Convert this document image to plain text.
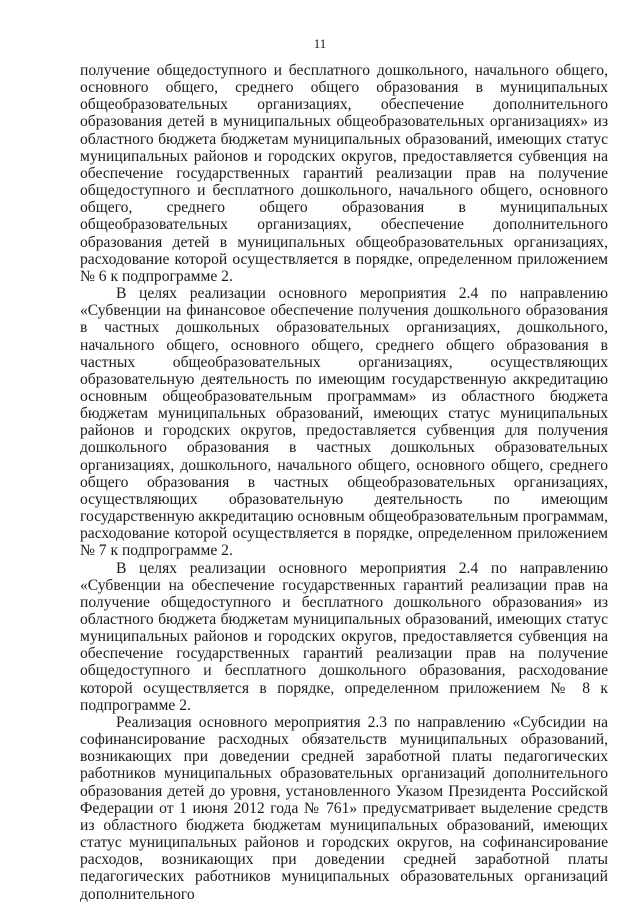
11

получение общедоступного и бесплатного дошкольного, начального общего, основного общего, среднего общего образования в муниципальных общеобразовательных организациях, обеспечение дополнительного образования детей в муниципальных общеобразовательных организациях» из областного бюджета бюджетам муниципальных образований, имеющих статус муниципальных районов и городских округов, предоставляется субвенция на обеспечение государственных гарантий реализации прав на получение общедоступного и бесплатного дошкольного, начального общего, основного общего, среднего общего образования в муниципальных общеобразовательных организациях, обеспечение дополнительного образования детей в муниципальных общеобразовательных организациях, расходование которой осуществляется в порядке, определенном приложением № 6 к подпрограмме 2.

В целях реализации основного мероприятия 2.4 по направлению «Субвенции на финансовое обеспечение получения дошкольного образования в частных дошкольных образовательных организациях, дошкольного, начального общего, основного общего, среднего общего образования в частных общеобразовательных организациях, осуществляющих образовательную деятельность по имеющим государственную аккредитацию основным общеобразовательным программам» из областного бюджета бюджетам муниципальных образований, имеющих статус муниципальных районов и городских округов, предоставляется субвенция для получения дошкольного образования в частных дошкольных образовательных организациях, дошкольного, начального общего, основного общего, среднего общего образования в частных общеобразовательных организациях, осуществляющих образовательную деятельность по имеющим государственную аккредитацию основным общеобразовательным программам, расходование которой осуществляется в порядке, определенном приложением № 7 к подпрограмме 2.

В целях реализации основного мероприятия 2.4 по направлению «Субвенции на обеспечение государственных гарантий реализации прав на получение общедоступного и бесплатного дошкольного образования» из областного бюджета бюджетам муниципальных образований, имеющих статус муниципальных районов и городских округов, предоставляется субвенция на обеспечение государственных гарантий реализации прав на получение общедоступного и бесплатного дошкольного образования, расходование которой осуществляется в порядке, определенном приложением № 8 к подпрограмме 2.

Реализация основного мероприятия 2.3 по направлению «Субсидии на софинансирование расходных обязательств муниципальных образований, возникающих при доведении средней заработной платы педагогических работников муниципальных образовательных организаций дополнительного образования детей до уровня, установленного Указом Президента Российской Федерации от 1 июня 2012 года № 761» предусматривает выделение средств из областного бюджета бюджетам муниципальных образований, имеющих статус муниципальных районов и городских округов, на софинансирование расходов, возникающих при доведении средней заработной платы педагогических работников муниципальных образовательных организаций дополнительного
